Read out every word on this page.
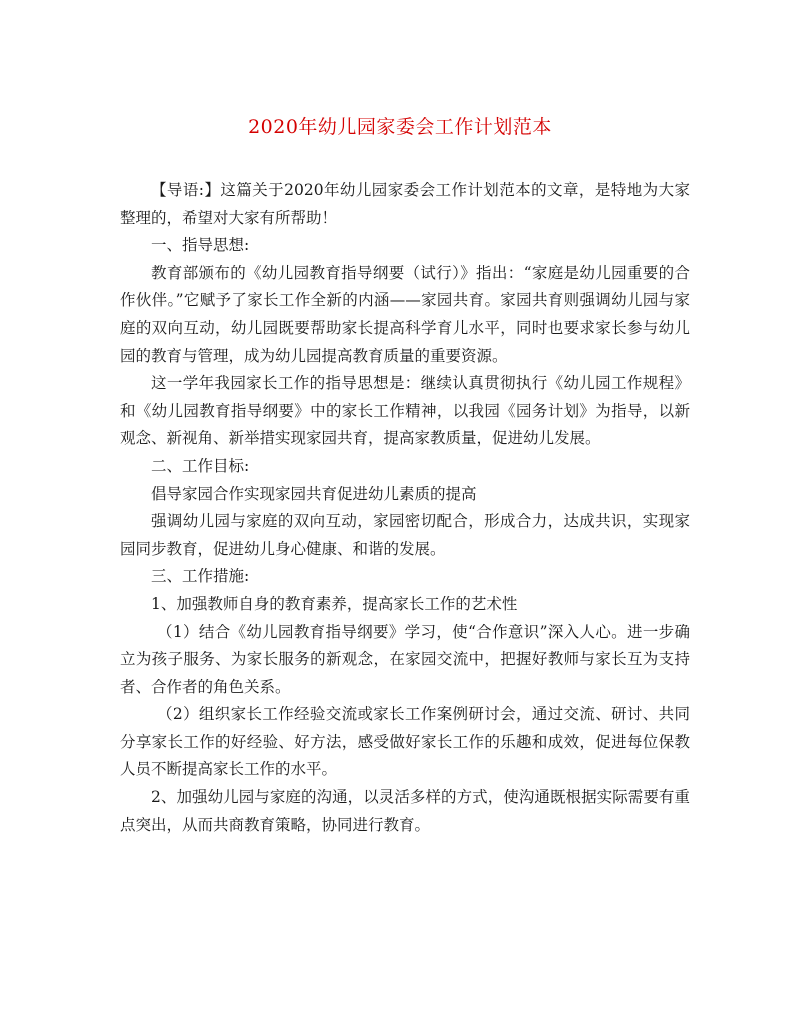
2020年幼儿园家委会工作计划范本

【导语:】这篇关于2020年幼儿园家委会工作计划范本的文章，是特地为大家整理的，希望对大家有所帮助！

一、指导思想:

教育部颁布的《幼儿园教育指导纲要（试行）》指出：“家庭是幼儿园重要的合作伙伴。”它赋予了家长工作全新的内涵——家园共育。家园共育则强调幼儿园与家庭的双向互动，幼儿园既要帮助家长提高科学育儿水平，同时也要求家长参与幼儿园的教育与管理，成为幼儿园提高教育质量的重要资源。

这一学年我园家长工作的指导思想是：继续认真贯彻执行《幼儿园工作规程》和《幼儿园教育指导纲要》中的家长工作精神，以我园《园务计划》为指导，以新观念、新视角、新举措实现家园共育，提高家教质量，促进幼儿发展。

二、工作目标:

倡导家园合作实现家园共育促进幼儿素质的提高

强调幼儿园与家庭的双向互动，家园密切配合，形成合力，达成共识，实现家园同步教育，促进幼儿身心健康、和谐的发展。

三、工作措施:

1、加强教师自身的教育素养，提高家长工作的艺术性

（1）结合《幼儿园教育指导纲要》学习，使“合作意识”深入人心。进一步确立为孩子服务、为家长服务的新观念，在家园交流中，把握好教师与家长互为支持者、合作者的角色关系。

（2）组织家长工作经验交流或家长工作案例研讨会，通过交流、研讨、共同分享家长工作的好经验、好方法，感受做好家长工作的乐趣和成效，促进每位保教人员不断提高家长工作的水平。

2、加强幼儿园与家庭的沟通，以灵活多样的方式，使沟通既根据实际需要有重点突出，从而共商教育策略，协同进行教育。
